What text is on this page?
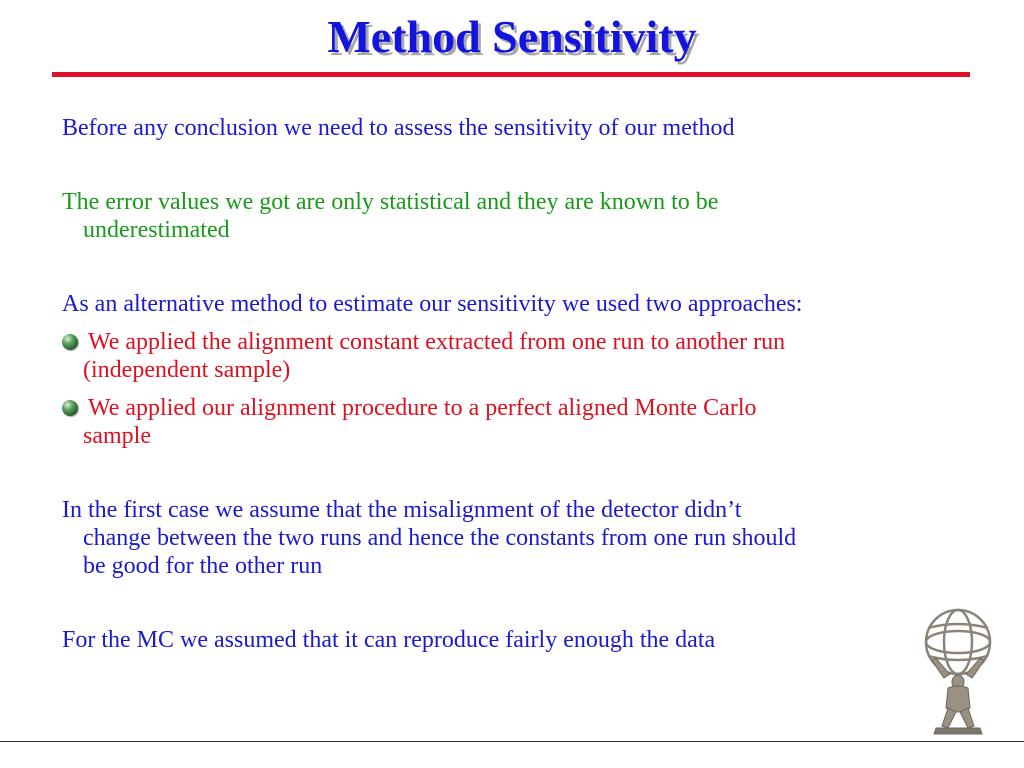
Method Sensitivity
Before any conclusion we need to assess the sensitivity of our method
The error values we got are only statistical and they are known to be
underestimated
As an alternative method to estimate our sensitivity we used two approaches:
We applied the alignment constant extracted from one run to another run
(independent sample)
We applied our alignment procedure to a perfect aligned Monte Carlo
sample
In the first case we assume that the misalignment of the detector didn’t
change between the two runs and hence the constants from one run should
be good for the other run
For the MC we assumed that it can reproduce fairly enough the data
